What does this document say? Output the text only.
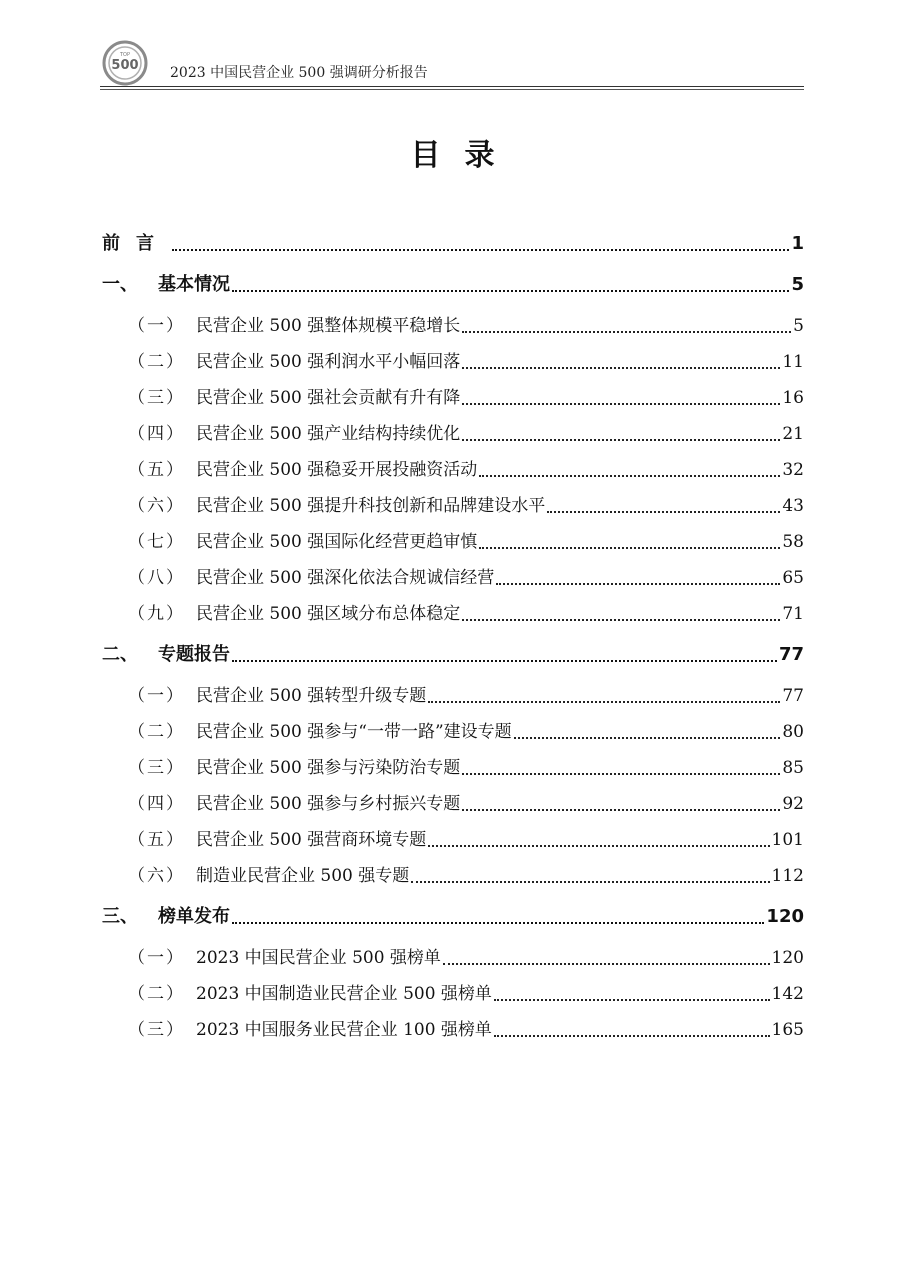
TOP
500 2023 中国民营企业 500 强调研分析报告
目录
前言	1
一、	基本情况	5
（一） 民营企业 500 强整体规模平稳增长	5
（二） 民营企业 500 强利润水平小幅回落	11
（三） 民营企业 500 强社会贡献有升有降	16
（四） 民营企业 500 强产业结构持续优化	21
（五） 民营企业 500 强稳妥开展投融资活动	32
（六） 民营企业 500 强提升科技创新和品牌建设水平	43
（七） 民营企业 500 强国际化经营更趋审慎	58
（八） 民营企业 500 强深化依法合规诚信经营	65
（九） 民营企业 500 强区域分布总体稳定	71
二、	专题报告	77
（一） 民营企业 500 强转型升级专题	77
（二） 民营企业 500 强参与“一带一路”建设专题	80
（三） 民营企业 500 强参与污染防治专题	85
（四） 民营企业 500 强参与乡村振兴专题	92
（五） 民营企业 500 强营商环境专题	101
（六） 制造业民营企业 500 强专题	112
三、	榜单发布	120
（一） 2023 中国民营企业 500 强榜单	120
（二） 2023 中国制造业民营企业 500 强榜单	142
（三） 2023 中国服务业民营企业 100 强榜单	165
